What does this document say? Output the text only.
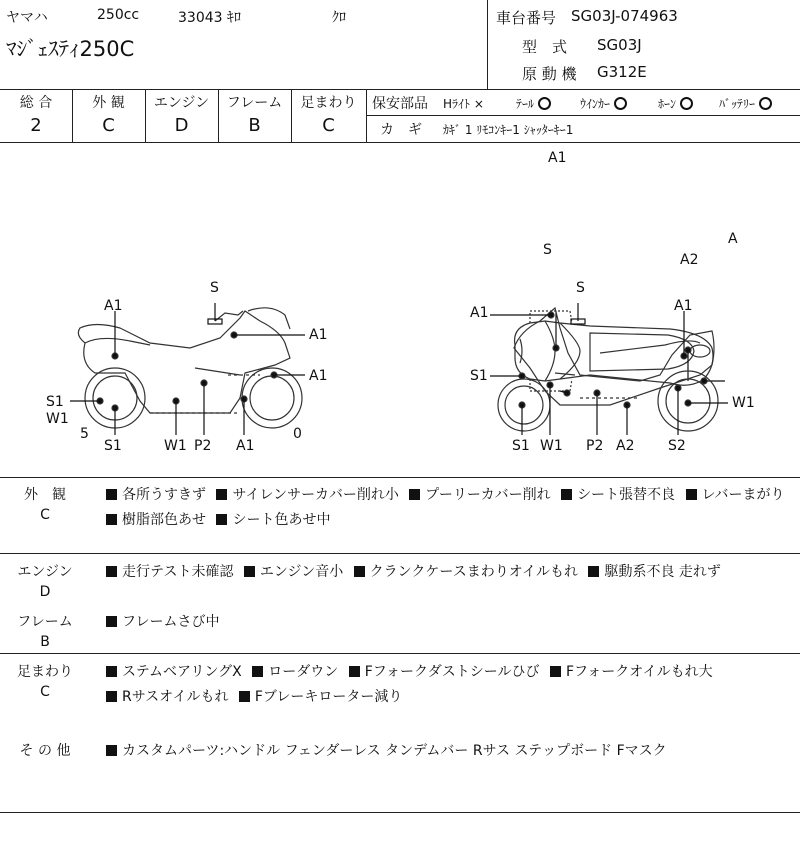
ヤマハ	250cc	33043 ｷﾛ	ｸﾛ
ﾏｼﾞｪｽﾃｨ250C
車台番号 SG03J-074963
型　式 SG03J
原 動 機 G312E
総 合	外 観	エンジン	フレーム	足まわり
2	C	D	B	C
保安部品 Hﾗｲﾄ ×	ﾃｰﾙ	ｳｲﾝｶｰ	ﾎｰﾝ	ﾊﾞｯﾃﾘｰ
カ　ギ ｶｷﾞ 1 ﾘﾓｺﾝｷｰ1 ｼｬｯﾀｰｷｰ1
A1
S
A2
A
S
A1
A1
A1
S1
W1
5
S1	W1 P2 A1
0
S
A1	A1
S1
W1
S1 W1 P2 A2 S2
外　観
C
各所うすきず サイレンサーカバー削れ小 プーリーカバー削れ シート張替不良 レバーまがり
樹脂部色あせ シート色あせ中
エンジン
D
走行テスト未確認 エンジン音小 クランクケースまわりオイルもれ 駆動系不良 走れず
フレーム
B
フレームさび中
足まわり
C
ステムベアリングX ローダウン Fフォークダストシールひび Fフォークオイルもれ大
Rサスオイルもれ Fブレーキローター減り
そ の 他	カスタムパーツ:ハンドル フェンダーレス タンデムバー Rサス ステップボード Fマスク
